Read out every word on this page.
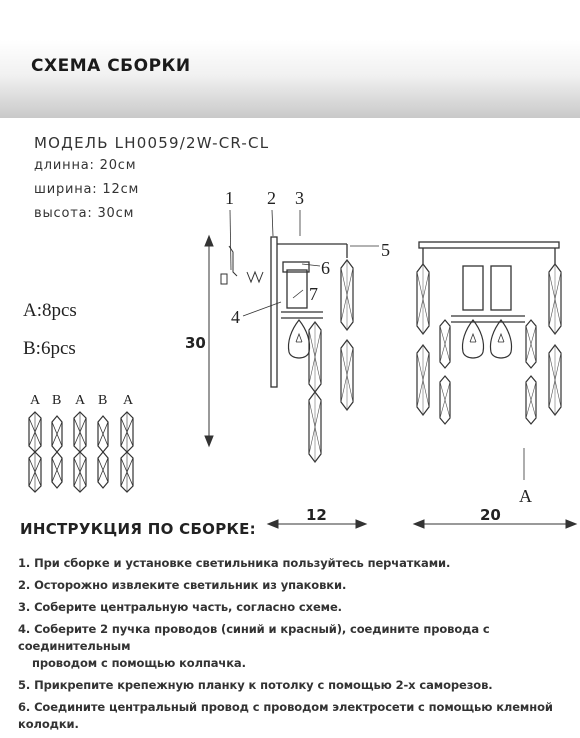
СХЕМА СБОРКИ
МОДЕЛЬ LH0059/2W-CR-CL
длинна: 20см
ширина: 12см
высота: 30см
A:8pcs
B:6pcs
A B A B A
1 2 3
5
6
7
4
30
A
12	20
ИНСТРУКЦИЯ ПО СБОРКЕ:
1. При сборке и установке светильника пользуйтесь перчатками.
2. Осторожно извлеките светильник из упаковки.
3. Соберите центральную часть, согласно схеме.
4. Соберите 2 пучка проводов (синий и красный), соедините провода с соединительным
проводом с помощью колпачка.
5. Прикрепите крепежную планку к потолку с помощью 2-х саморезов.
6. Соедините центральный провод с проводом электросети с помощью клемной колодки.
